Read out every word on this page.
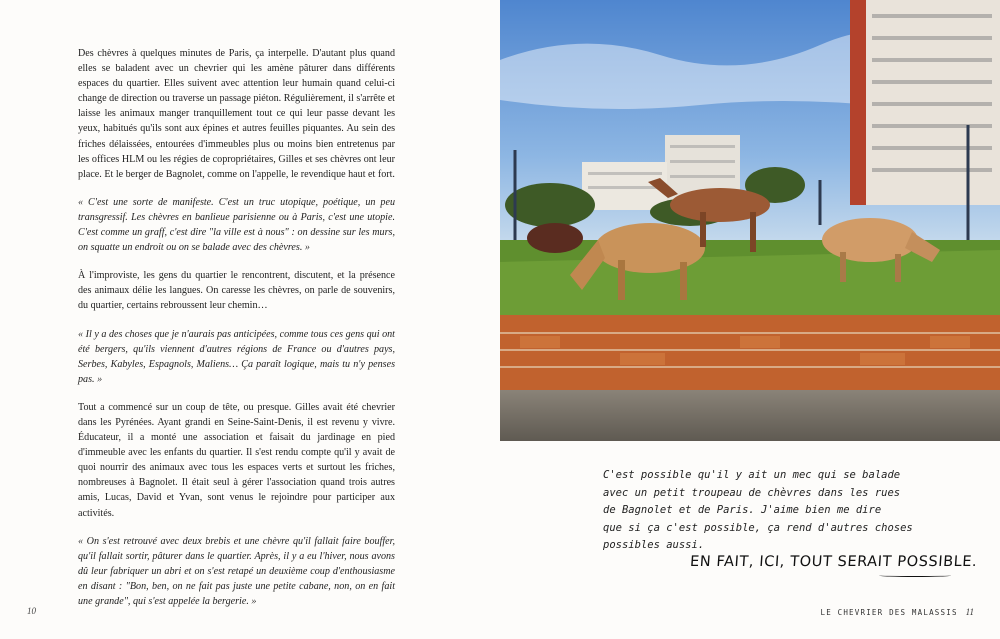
Des chèvres à quelques minutes de Paris, ça interpelle. D'autant plus quand elles se baladent avec un chevrier qui les amène pâturer dans différents espaces du quartier. Elles suivent avec attention leur humain quand celui-ci change de direction ou traverse un passage piéton. Régulièrement, il s'arrête et laisse les animaux manger tranquillement tout ce qui leur passe devant les yeux, habitués qu'ils sont aux épines et autres feuilles piquantes. Au sein des friches délaissées, entourées d'immeubles plus ou moins bien entretenus par les offices HLM ou les régies de copropriétaires, Gilles et ses chèvres ont leur place. Et le berger de Bagnolet, comme on l'appelle, le revendique haut et fort.

« C'est une sorte de manifeste. C'est un truc utopique, poétique, un peu transgressif. Les chèvres en banlieue parisienne ou à Paris, c'est une utopie. C'est comme un graff, c'est dire "la ville est à nous" : on dessine sur les murs, on squatte un endroit ou on se balade avec des chèvres. »

À l'improviste, les gens du quartier le rencontrent, discutent, et la présence des animaux délie les langues. On caresse les chèvres, on parle de souvenirs, du quartier, certains rebroussent leur chemin…

« Il y a des choses que je n'aurais pas anticipées, comme tous ces gens qui ont été bergers, qu'ils viennent d'autres régions de France ou d'autres pays, Serbes, Kabyles, Espagnols, Maliens… Ça paraît logique, mais tu n'y penses pas. »

Tout a commencé sur un coup de tête, ou presque. Gilles avait été chevrier dans les Pyrénées. Ayant grandi en Seine-Saint-Denis, il est revenu y vivre. Éducateur, il a monté une association et faisait du jardinage en pied d'immeuble avec les enfants du quartier. Il s'est rendu compte qu'il y avait de quoi nourrir des animaux avec tous les espaces verts et surtout les friches, nombreuses à Bagnolet. Il était seul à gérer l'association quand trois autres amis, Lucas, David et Yvan, sont venus le rejoindre pour participer aux activités.

« On s'est retrouvé avec deux brebis et une chèvre qu'il fallait faire bouffer, qu'il fallait sortir, pâturer dans le quartier. Après, il y a eu l'hiver, nous avons dû leur fabriquer un abri et on s'est retapé un deuxième coup d'enthousiasme en disant : "Bon, ben, on ne fait pas juste une petite cabane, non, on en fait une grande", qui s'est appelée la bergerie. »

10
C'est possible qu'il y ait un mec qui se balade
avec un petit troupeau de chèvres dans les rues
de Bagnolet et de Paris. J'aime bien me dire
que si ça c'est possible, ça rend d'autres choses
possibles aussi.
EN FAIT, ICI, TOUT SERAIT POSSIBLE.
LE CHEVRIER DES MALASSIS 11
